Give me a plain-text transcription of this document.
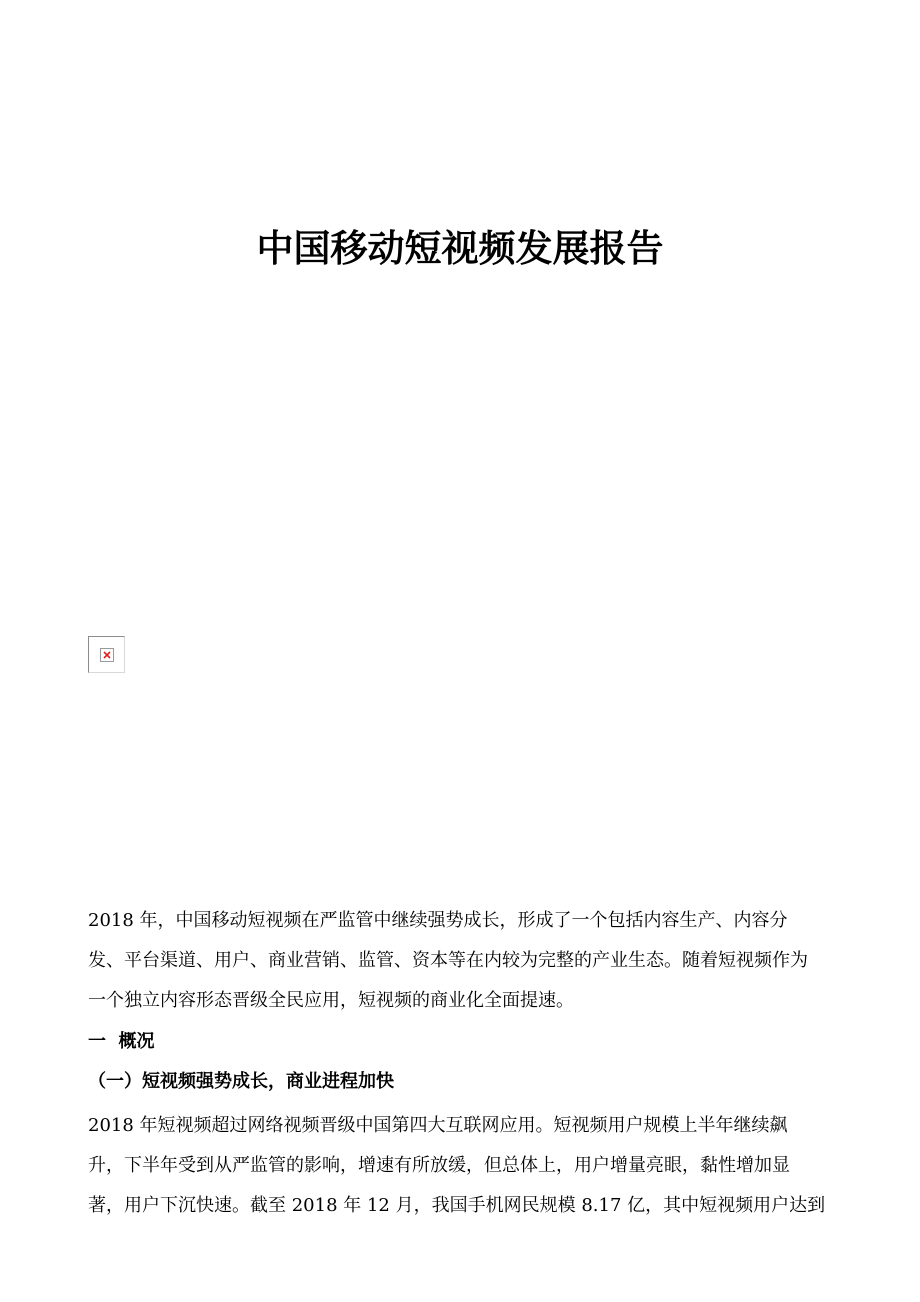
中国移动短视频发展报告
2018 年，中国移动短视频在严监管中继续强势成长，形成了一个包括内容生产、内容分
发、平台渠道、用户、商业营销、监管、资本等在内较为完整的产业生态。随着短视频作为
一个独立内容形态晋级全民应用，短视频的商业化全面提速。
一  概况
（一）短视频强势成长，商业进程加快
2018 年短视频超过网络视频晋级中国第四大互联网应用。短视频用户规模上半年继续飙
升，下半年受到从严监管的影响，增速有所放缓，但总体上，用户增量亮眼，黏性增加显
著，用户下沉快速。截至 2018 年 12 月，我国手机网民规模 8.17 亿，其中短视频用户达到
